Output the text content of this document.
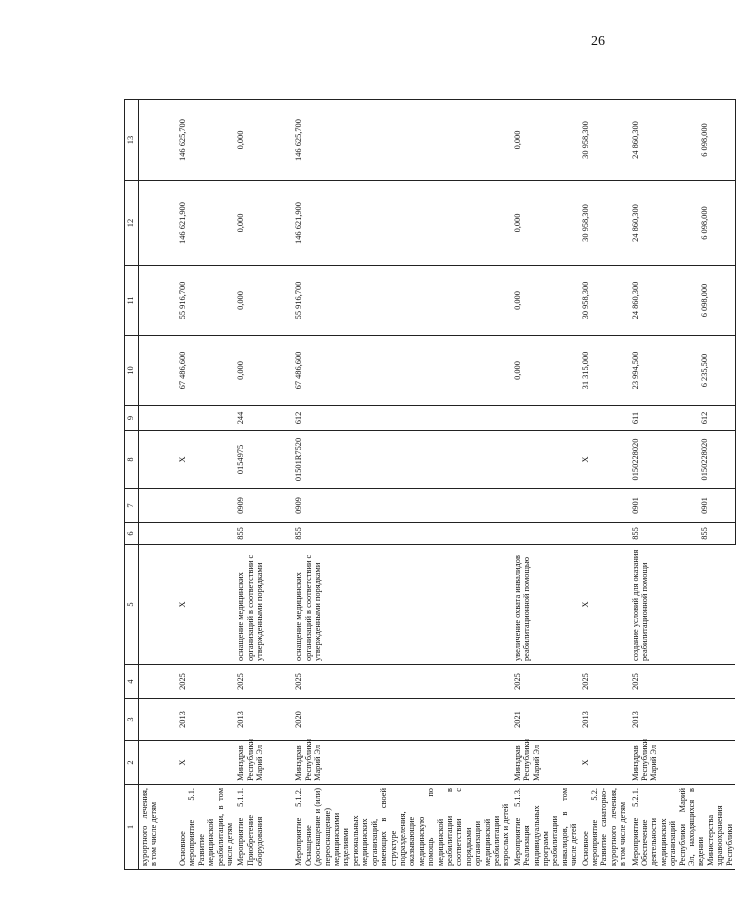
26
1	2	3	4	5	6	7	8	9	10	11	12	13
курортного лечения, в том числе детям												
Основное мероприятие 5.1. Развитие медицинской реабилитации, в том числе детям	X	2013	2025	X			X		67 486,600	55 916,700	146 621,900	146 625,700
Мероприятие 5.1.1. Приобретение оборудования	Минздрав Республики Марий Эл	2013	2025	оснащение медицинских организаций в соответствии с утвержденными порядками	855	0909	0154975	244	0,000	0,000	0,000	0,000
Мероприятие 5.1.2. Оснащение (дооснащение и (или) переоснащение) медицинскими изделиями региональных медицинских организаций, имеющих в своей структуре подразделения, оказывающие медицинскую помощь по медицинской реабилитации в соответствии с порядками организации медицинской реабилитации взрослых и детей	Минздрав Республики Марий Эл	2020	2025	оснащение медицинских организаций в соответствии с утвержденными порядками	855	0909	01501R7520	612	67 486,600	55 916,700	146 621,900	146 625,700
Мероприятие 5.1.3. Реализация индивидуальных программ реабилитации инвалидов, в том числе детей	Минздрав Республики Марий Эл	2021	2025	увеличение охвата инвалидов реабилитационной помощью					0,000	0,000	0,000	0,000
Основное мероприятие 5.2. Развитие санаторно-курортного лечения, в том числе детям	X	2013	2025	X			X		31 315,000	30 958,300	30 958,300	30 958,300
Мероприятие 5.2.1. Обеспечение деятельности медицинских организаций Республики Марий Эл, находящихся в ведении Министерства здравоохранения Республики	Минздрав Республики Марий Эл	2013	2025	создание условий для оказания реабилитационной помощи	855	0901	0150228020	611	23 994,500	24 860,300	24 860,300	24 860,300
					855	0901	0150228020	612	6 235,500	6 098,000	6 098,000	6 098,000
